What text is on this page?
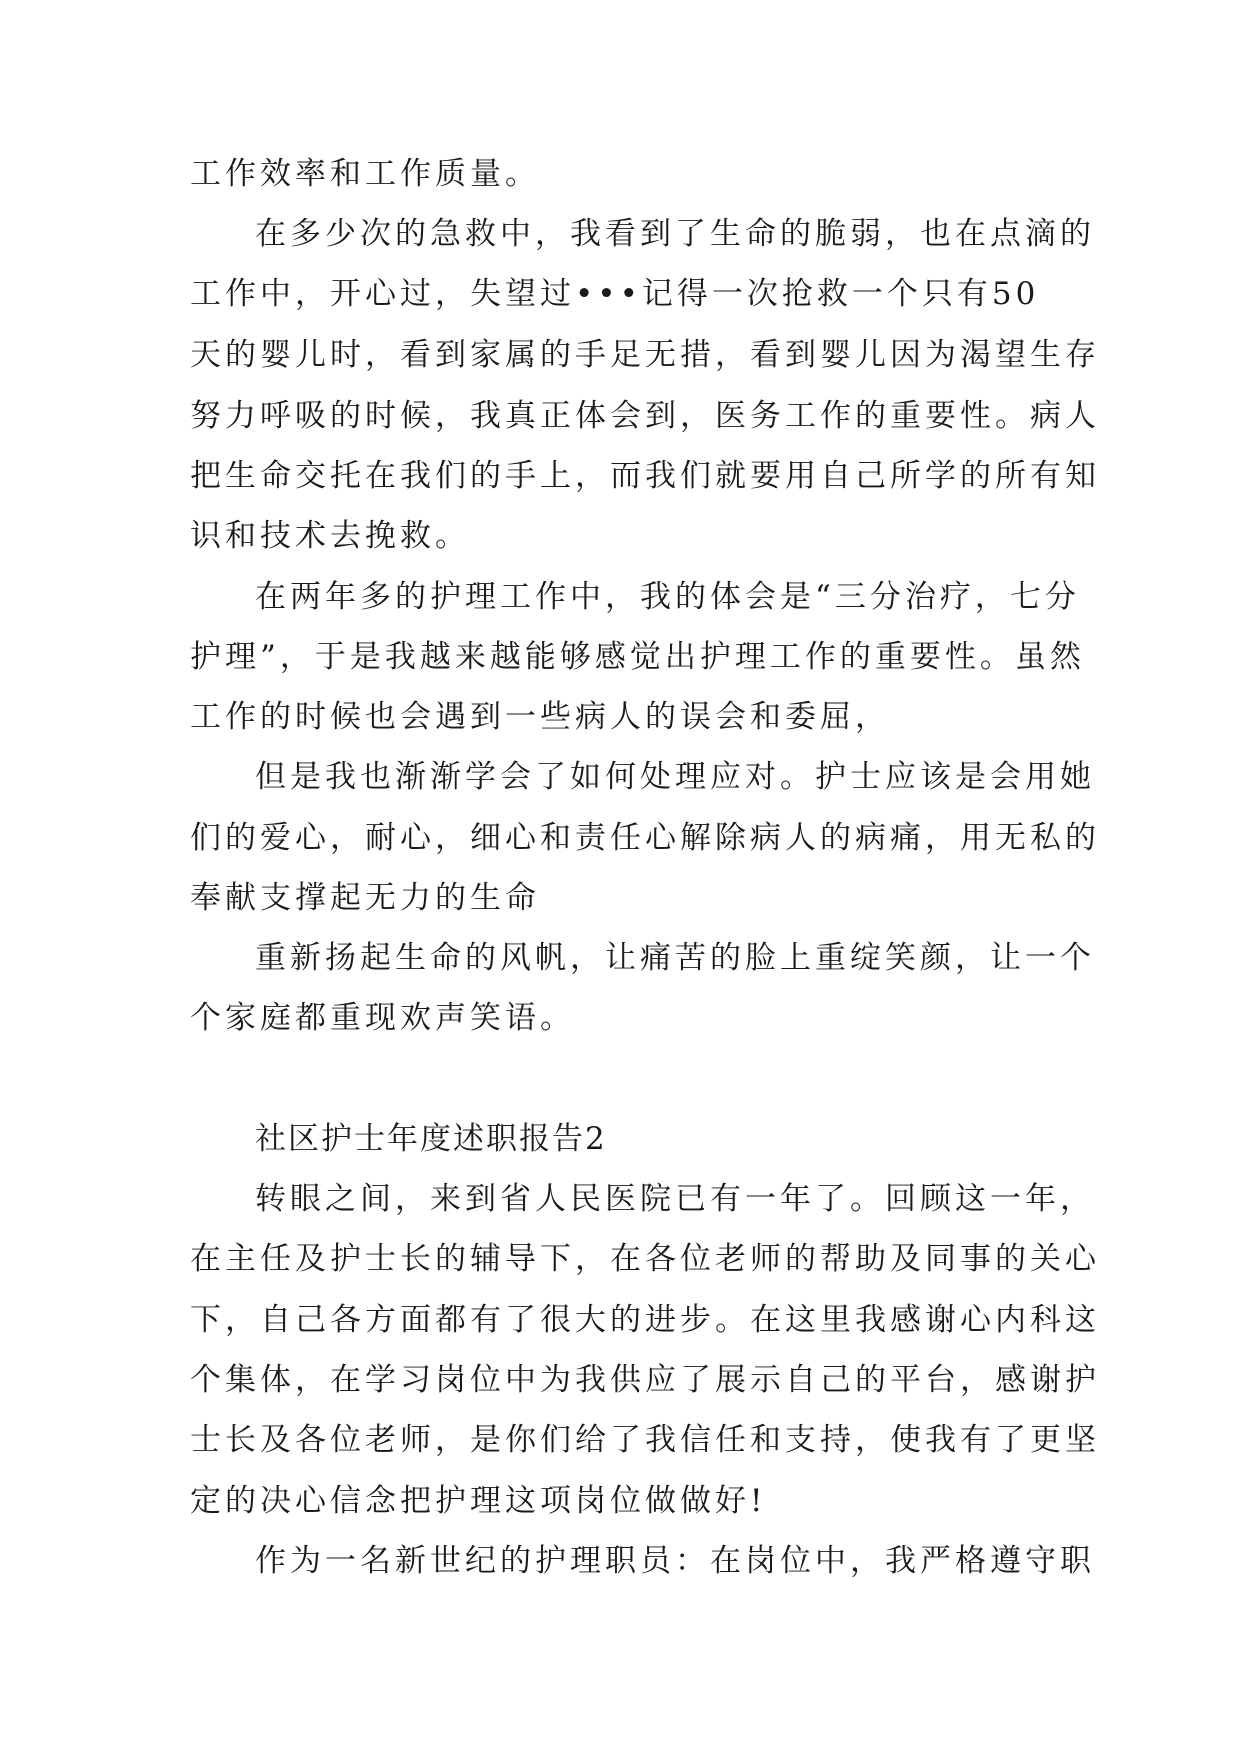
工作效率和工作质量。
在多少次的急救中，我看到了生命的脆弱，也在点滴的
工作中，开心过，失望过•••记得一次抢救一个只有50
天的婴儿时，看到家属的手足无措，看到婴儿因为渴望生存
努力呼吸的时候，我真正体会到，医务工作的重要性。病人
把生命交托在我们的手上，而我们就要用自己所学的所有知
识和技术去挽救。
在两年多的护理工作中，我的体会是“三分治疗，七分
护理”，于是我越来越能够感觉出护理工作的重要性。虽然
工作的时候也会遇到一些病人的误会和委屈，
但是我也渐渐学会了如何处理应对。护士应该是会用她
们的爱心，耐心，细心和责任心解除病人的病痛，用无私的
奉献支撑起无力的生命
重新扬起生命的风帆，让痛苦的脸上重绽笑颜，让一个
个家庭都重现欢声笑语。
社区护士年度述职报告2
转眼之间，来到省人民医院已有一年了。回顾这一年，
在主任及护士长的辅导下，在各位老师的帮助及同事的关心
下，自己各方面都有了很大的进步。在这里我感谢心内科这
个集体，在学习岗位中为我供应了展示自己的平台，感谢护
士长及各位老师，是你们给了我信任和支持，使我有了更坚
定的决心信念把护理这项岗位做做好!
作为一名新世纪的护理职员：在岗位中，我严格遵守职
